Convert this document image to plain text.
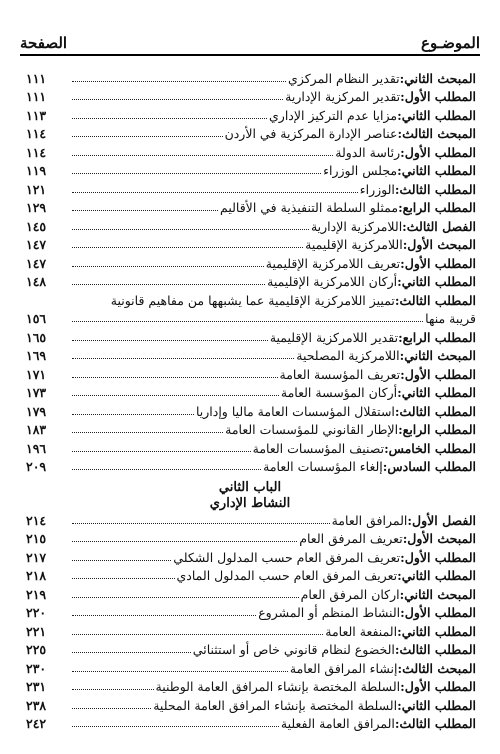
الموضـوع
الصفحة
المبحث الثاني:
تقدير النظام المركزي
١١١
المطلب الأول:
تقدير المركزية الإدارية
١١١
المطلب الثاني:
مزايا عدم التركيز الإداري
١١٣
المبحث الثالث:
عناصر الإدارة المركزية في الأردن
١١٤
المطلب الأول:
رئاسة الدولة
١١٤
المطلب الثاني:
مجلس الوزراء
١١٩
المطلب الثالث:
الوزراء
١٢١
المطلب الرابع:
ممثلو السلطة التنفيذية في الأقاليم
١٢٩
الفصل الثالث:
اللامركزية الإدارية
١٤٥
المبحث الأول:
اللامركزية الإقليمية
١٤٧
المطلب الأول:
تعريف اللامركزية الإقليمية
١٤٧
المطلب الثاني:
أركان اللامركزية الإقليمية
١٤٨
المطلب الثالث:
تمييز اللامركزية الإقليمية عما يشبهها من مفاهيم قانونية
قريبة منها
١٥٦
المطلب الرابع:
تقدير اللامركزية الإقليمية
١٦٥
المبحث الثاني:
اللامركزية المصلحية
١٦٩
المطلب الأول:
تعريف المؤسسة العامة
١٧١
المطلب الثاني:
أركان المؤسسة العامة
١٧٣
المطلب الثالث:
استقلال المؤسسات العامة ماليا وإداريا
١٧٩
المطلب الرابع:
الإطار القانوني للمؤسسات العامة
١٨٣
المطلب الخامس:
تصنيف المؤسسات العامة
١٩٦
المطلب السادس:
إلغاء المؤسسات العامة
٢٠٩
الباب الثاني
النشاط الإداري
الفصل الأول:
المرافق العامة
٢١٤
المبحث الأول:
تعريف المرفق العام
٢١٥
المطلب الأول:
تعريف المرفق العام حسب المدلول الشكلي
٢١٧
المطلب الثاني:
تعريف المرفق العام حسب المدلول المادي
٢١٨
المبحث الثاني:
اركان المرفق العام
٢١٩
المطلب الأول:
النشاط المنظم أو المشروع
٢٢٠
المطلب الثاني:
المنفعة العامة
٢٢١
المطلب الثالث:
الخضوع لنظام قانوني خاص أو استثنائي
٢٢٥
المبحث الثالث:
إنشاء المرافق العامة
٢٣٠
المطلب الأول:
السلطة المختصة بإنشاء المرافق العامة الوطنية
٢٣١
المطلب الثاني:
السلطة المختصة بإنشاء المرافق العامة المحلية
٢٣٨
المطلب الثالث:
المرافق العامة الفعلية
٢٤٢
